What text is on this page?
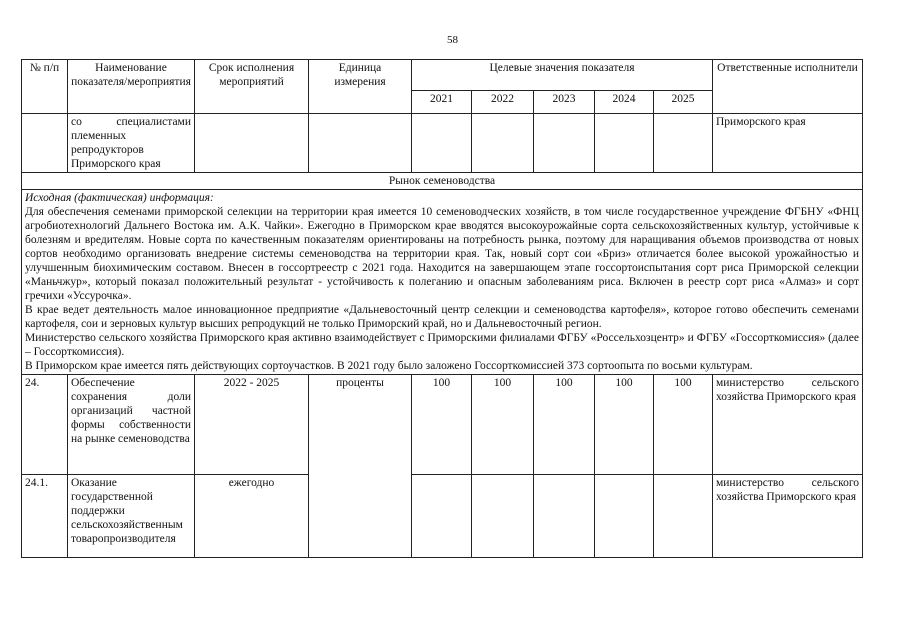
58
№ п/п	Наименование показателя/мероприятия	Срок исполнения мероприятий	Единица измерения	Целевые значения показателя					Ответственные исполнители
				2021	2022	2023	2024	2025	
	со специалистами племенных репродукторов Приморского края								Приморского края
Рынок семеноводства									

Исходная (фактическая) информация:

Для обеспечения семенами приморской селекции на территории края имеется 10 семеноводческих хозяйств, в том числе государственное учреждение ФГБНУ «ФНЦ агробиотехнологий Дальнего Востока им. А.К. Чайки». Ежегодно в Приморском крае вводятся высокоурожайные сорта сельскохозяйственных культур, устойчивые к болезням и вредителям. Новые сорта по качественным показателям ориентированы на потребность рынка, поэтому для наращивания объемов производства от новых сортов необходимо организовать внедрение системы семеноводства на территории края. Так, новый сорт сои «Бриз» отличается более высокой урожайностью и улучшенным биохимическим составом. Внесен в госсортреестр с 2021 года. Находится на завершающем этапе госсортоиспытания сорт риса Приморской селекции «Маньчжур», который показал положительный результат - устойчивость к полеганию и опасным заболеваниям риса. Включен в реестр сорт риса «Алмаз» и сорт гречихи «Уссурочка».

В крае ведет деятельность малое инновационное предприятие «Дальневосточный центр селекции и семеноводства картофеля», которое готово обеспечить семенами картофеля, сои и зерновых культур высших репродукций не только Приморский край, но и Дальневосточный регион.

Министерство сельского хозяйства Приморского края активно взаимодействует с Приморскими филиалами ФГБУ «Россельхозцентр» и ФГБУ «Госсорткомиссия» (далее – Госсорткомиссия).

В Приморском крае имеется пять действующих сортоучастков. В 2021 году было заложено Госсорткомиссией 373 сортоопыта по восьми культурам.									

24.	Обеспечение сохранения доли организаций частной формы собственности на рынке семеноводства	2022 - 2025	проценты	100	100	100	100	100	министерство сельского хозяйства Приморского края
24.1.	Оказание государственной поддержки сельскохозяйственным товаропроизводителя	ежегодно							министерство сельского хозяйства Приморского края
